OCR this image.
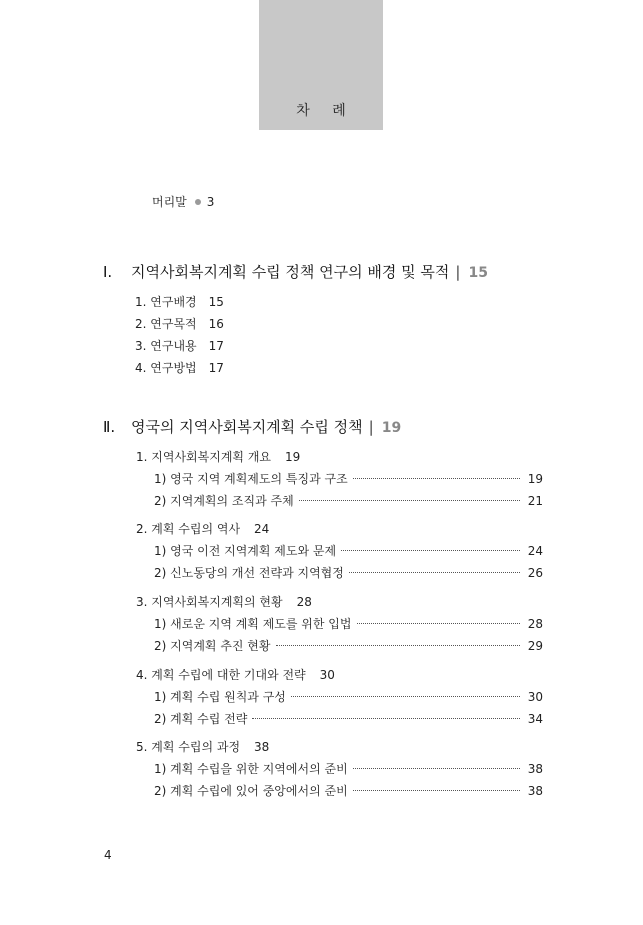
차 례
머리말 3
Ⅰ. 지역사회복지계획 수립 정책 연구의 배경 및 목적 | 15
1. 연구배경 15
2. 연구목적 16
3. 연구내용 17
4. 연구방법 17
Ⅱ. 영국의 지역사회복지계획 수립 정책 | 19
1. 지역사회복지계획 개요 19
1) 영국 지역 계획제도의 특징과 구조	19
2) 지역계획의 조직과 주체	21
2. 계획 수립의 역사 24
1) 영국 이전 지역계획 제도와 문제	24
2) 신노동당의 개선 전략과 지역협정	26
3. 지역사회복지계획의 현황 28
1) 새로운 지역 계획 제도를 위한 입법	28
2) 지역계획 추진 현황	29
4. 계획 수립에 대한 기대와 전략 30
1) 계획 수립 원칙과 구성	30
2) 계획 수립 전략	34
5. 계획 수립의 과정 38
1) 계획 수립을 위한 지역에서의 준비	38
2) 계획 수립에 있어 중앙에서의 준비	38
4
